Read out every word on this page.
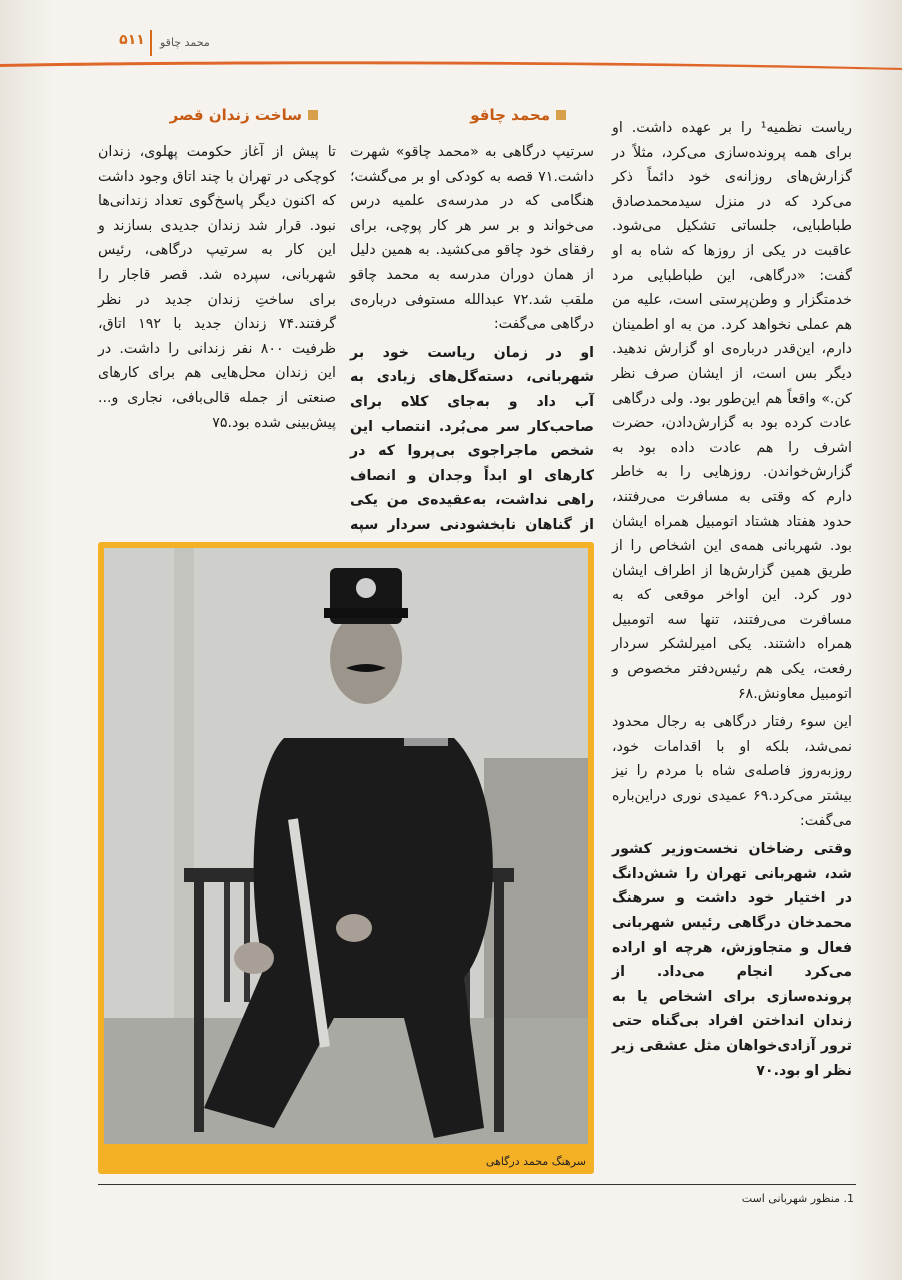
۵۱۱	محمد چاقو
ساخت زندان قصر	محمد چاقو

ریاست نظمیه¹ را بر عهده داشت. او برای همه پرونده‌سازی می‌کرد، مثلاً در گزارش‌های روزانه‌ی خود دائماً ذکر می‌کرد که در منزل سیدمحمدصادق طباطبایی، جلساتی تشکیل می‌شود. عاقبت در یکی از روزها که شاه به او گفت: «درگاهی، این طباطبایی مرد خدمتگزار و وطن‌پرستی است، علیه من هم عملی نخواهد کرد. من به او اطمینان دارم، این‌قدر درباره‌ی او گزارش ندهید. دیگر بس است، از ایشان صرف نظر کن.» واقعاً هم این‌طور بود. ولی درگاهی عادت کرده بود به گزارش‌دادن، حضرت اشرف را هم عادت داده بود به گزارش‌خواندن. روزهایی را به خاطر دارم که وقتی به مسافرت می‌رفتند، حدود هفتاد هشتاد اتومبیل همراه ایشان بود. شهربانی همه‌ی این اشخاص را از طریق همین گزارش‌ها از اطراف ایشان دور کرد. این اواخر موقعی که به مسافرت می‌رفتند، تنها سه اتومبیل همراه داشتند. یکی امیرلشکر سردار رفعت، یکی هم رئیس‌دفتر مخصوص و اتومبیل معاونش.۶۸

این سوء رفتار درگاهی به رجال محدود نمی‌شد، بلکه او با اقدامات خود، روزبه‌روز فاصله‌ی شاه با مردم را نیز بیشتر می‌کرد.۶۹ عمیدی نوری دراین‌باره می‌گفت:

وقتی رضاخان نخست‌وزیر کشور شد، شهربانی تهران را شش‌دانگ در اختیار خود داشت و سرهنگ محمدخان درگاهی رئیس شهربانی فعال و متجاوزش، هرچه او اراده می‌کرد انجام می‌داد. از پرونده‌سازی برای اشخاص یا به زندان انداختن افراد بی‌گناه حتی ترور آزادی‌خواهان مثل عشقی زیر نظر او بود.۷۰

سرتیپ درگاهی به «محمد چاقو» شهرت داشت.۷۱ قصه به کودکی او بر می‌گشت؛ هنگامی که در مدرسه‌ی علمیه درس می‌خواند و بر سر هر کار پوچی، برای رفقای خود چاقو می‌کشید. به همین دلیل از همان دوران مدرسه به محمد چاقو ملقب شد.۷۲ عبدالله مستوفی درباره‌ی درگاهی می‌گفت:

او در زمان ریاست خود بر شهربانی، دسته‌گل‌های زیادی به آب داد و به‌جای کلاه برای صاحب‌کار سر می‌بُرد. انتصاب این شخص ماجراجوی بی‌پروا که در کارهای او ابداً وجدان و انصاف راهی نداشت، به‌عقیده‌ی من یکی از گناهان نابخشودنی سردار سپه

تا پیش از آغاز حکومت پهلوی، زندان کوچکی در تهران با چند اتاق وجود داشت که اکنون دیگر پاسخ‌گوی تعداد زندانی‌ها نبود. قرار شد زندان جدیدی بسازند و این کار به سرتیپ درگاهی، رئیس شهربانی، سپرده شد. قصر قاجار را برای ساختِ زندان جدید در نظر گرفتند.۷۴ زندان جدید با ۱۹۲ اتاق، ظرفیت ۸۰۰ نفر زندانی را داشت. در این زندان محل‌هایی هم برای کارهای صنعتی از جمله قالی‌بافی، نجاری و... پیش‌بینی شده بود.۷۵

سرهنگ محمد درگاهی
1. منظور شهربانی است
